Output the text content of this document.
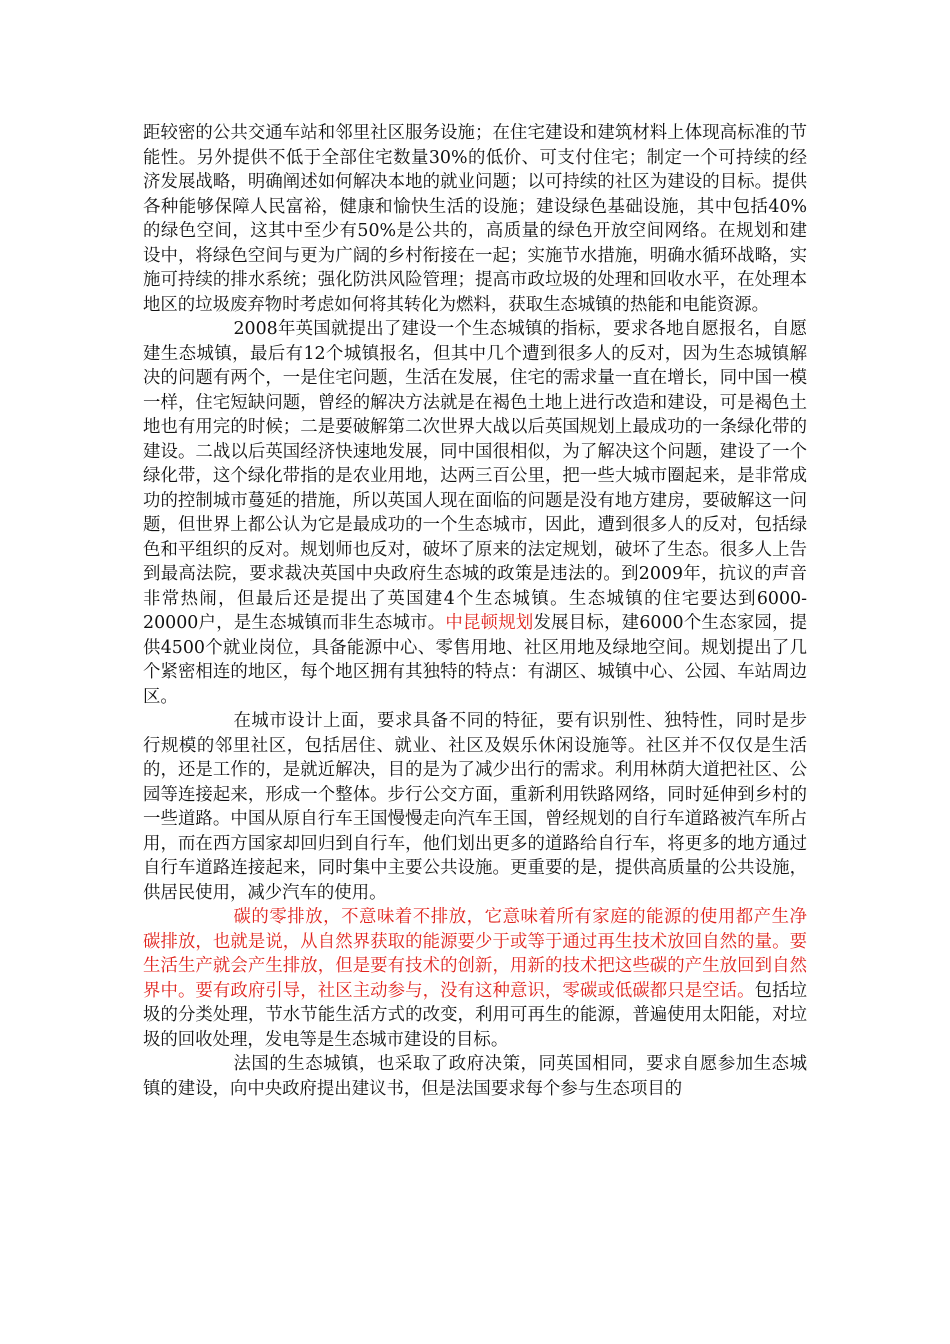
距较密的公共交通车站和邻里社区服务设施；在住宅建设和建筑材料上体现高标准的节能性。另外提供不低于全部住宅数量30%的低价、可支付住宅；制定一个可持续的经济发展战略，明确阐述如何解决本地的就业问题；以可持续的社区为建设的目标。提供各种能够保障人民富裕，健康和愉快生活的设施；建设绿色基础设施，其中包括40%的绿色空间，这其中至少有50%是公共的，高质量的绿色开放空间网络。在规划和建设中，将绿色空间与更为广阔的乡村衔接在一起；实施节水措施，明确水循环战略，实施可持续的排水系统；强化防洪风险管理；提高市政垃圾的处理和回收水平，在处理本地区的垃圾废弃物时考虑如何将其转化为燃料，获取生态城镇的热能和电能资源。

2008年英国就提出了建设一个生态城镇的指标，要求各地自愿报名，自愿建生态城镇，最后有12个城镇报名，但其中几个遭到很多人的反对，因为生态城镇解决的问题有两个，一是住宅问题，生活在发展，住宅的需求量一直在增长，同中国一模一样，住宅短缺问题，曾经的解决方法就是在褐色土地上进行改造和建设，可是褐色土地也有用完的时候；二是要破解第二次世界大战以后英国规划上最成功的一条绿化带的建设。二战以后英国经济快速地发展，同中国很相似，为了解决这个问题，建设了一个绿化带，这个绿化带指的是农业用地，达两三百公里，把一些大城市圈起来，是非常成功的控制城市蔓延的措施，所以英国人现在面临的问题是没有地方建房，要破解这一问题，但世界上都公认为它是最成功的一个生态城市，因此，遭到很多人的反对，包括绿色和平组织的反对。规划师也反对，破坏了原来的法定规划，破坏了生态。很多人上告到最高法院，要求裁决英国中央政府生态城的政策是违法的。到2009年，抗议的声音非常热闹，但最后还是提出了英国建4个生态城镇。生态城镇的住宅要达到6000-20000户，是生态城镇而非生态城市。中昆顿规划发展目标，建6000个生态家园，提供4500个就业岗位，具备能源中心、零售用地、社区用地及绿地空间。规划提出了几个紧密相连的地区，每个地区拥有其独特的特点：有湖区、城镇中心、公园、车站周边区。

在城市设计上面，要求具备不同的特征，要有识别性、独特性，同时是步行规模的邻里社区，包括居住、就业、社区及娱乐休闲设施等。社区并不仅仅是生活的，还是工作的，是就近解决，目的是为了减少出行的需求。利用林荫大道把社区、公园等连接起来，形成一个整体。步行公交方面，重新利用铁路网络，同时延伸到乡村的一些道路。中国从原自行车王国慢慢走向汽车王国，曾经规划的自行车道路被汽车所占用，而在西方国家却回归到自行车，他们划出更多的道路给自行车，将更多的地方通过自行车道路连接起来，同时集中主要公共设施。更重要的是，提供高质量的公共设施，供居民使用，减少汽车的使用。

碳的零排放，不意味着不排放，它意味着所有家庭的能源的使用都产生净碳排放，也就是说，从自然界获取的能源要少于或等于通过再生技术放回自然的量。要生活生产就会产生排放，但是要有技术的创新，用新的技术把这些碳的产生放回到自然界中。要有政府引导，社区主动参与，没有这种意识，零碳或低碳都只是空话。包括垃圾的分类处理，节水节能生活方式的改变，利用可再生的能源，普遍使用太阳能，对垃圾的回收处理，发电等是生态城市建设的目标。

法国的生态城镇，也采取了政府决策，同英国相同，要求自愿参加生态城镇的建设，向中央政府提出建议书，但是法国要求每个参与生态项目的
